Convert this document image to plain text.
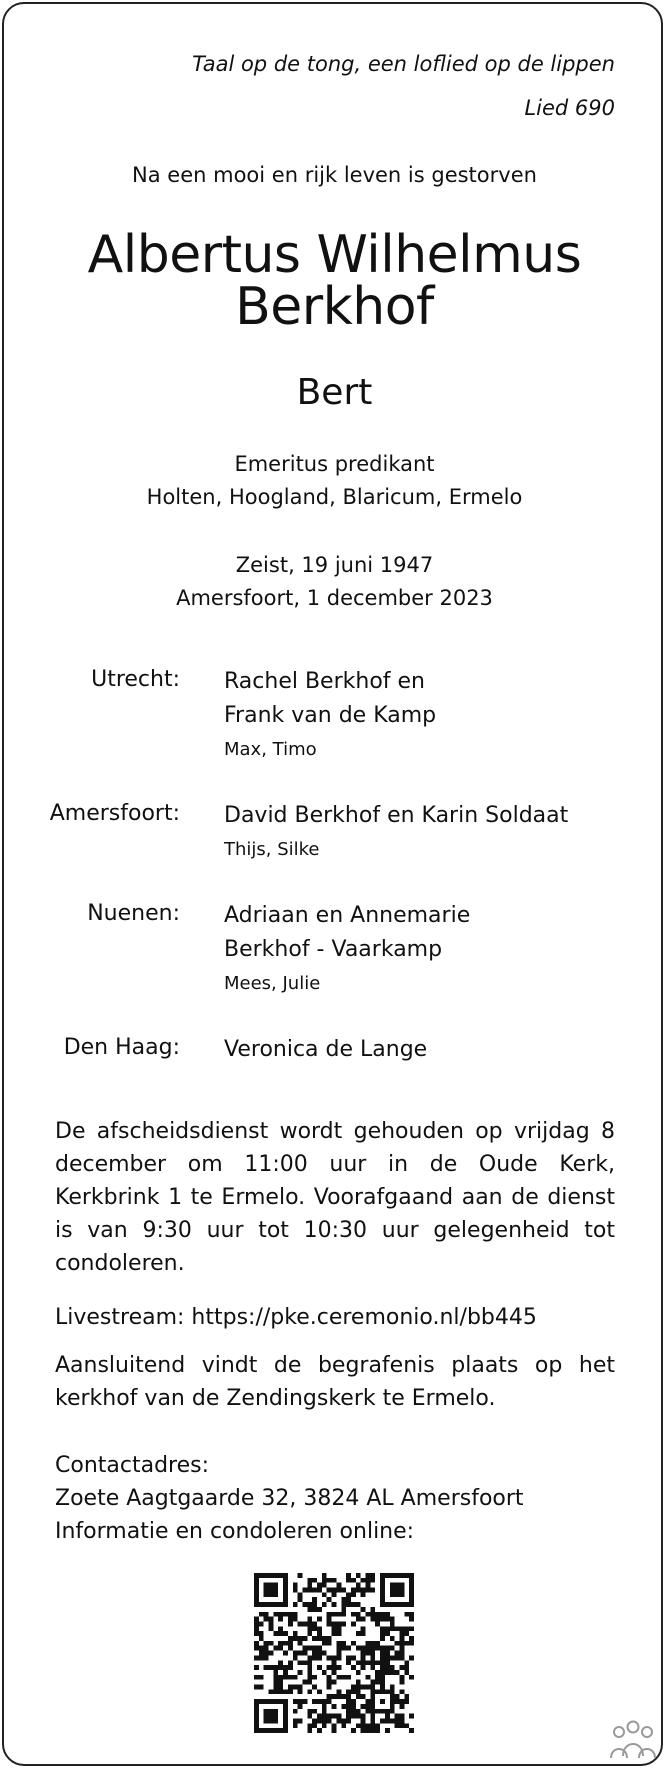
Taal op de tong, een loflied op de lippen
Lied 690
Na een mooi en rijk leven is gestorven
Albertus Wilhelmus
Berkhof
Bert
Emeritus predikant
Holten, Hoogland, Blaricum, Ermelo
Zeist, 19 juni 1947
Amersfoort, 1 december 2023
Utrecht: Rachel Berkhof en
Frank van de Kamp
Max, Timo
Amersfoort: David Berkhof en Karin Soldaat
Thijs, Silke
Nuenen: Adriaan en Annemarie
Berkhof - Vaarkamp
Mees, Julie
Den Haag: Veronica de Lange
De afscheidsdienst wordt gehouden op vrijdag 8 december om 11:00 uur in de Oude Kerk, Kerkbrink 1 te Ermelo. Voorafgaand aan de dienst is van 9:30 uur tot 10:30 uur gelegenheid tot condoleren.
Livestream: https://pke.ceremonio.nl/bb445
Aansluitend vindt de begrafenis plaats op het kerkhof van de Zendingskerk te Ermelo.
Contactadres:
Zoete Aagtgaarde 32, 3824 AL Amersfoort
Informatie en condoleren online:
